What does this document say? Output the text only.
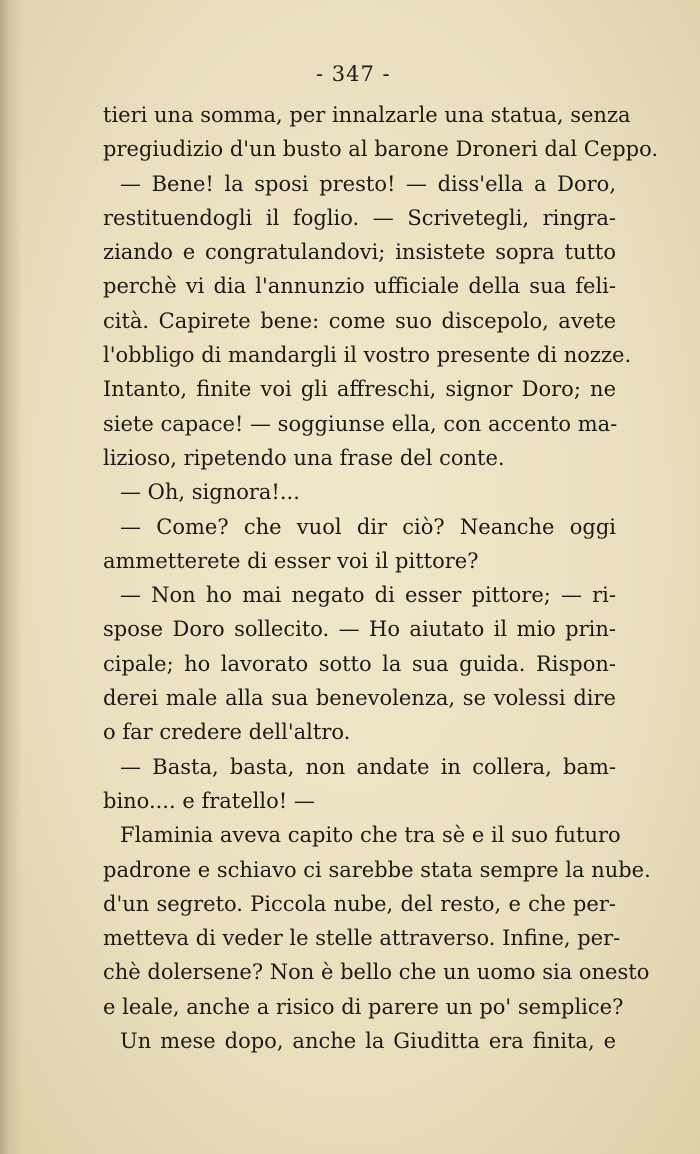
- 347 -
tieri una somma, per innalzarle una statua, senza
pregiudizio d'un busto al barone Droneri dal Ceppo.
— Bene! la sposi presto! — diss'ella a Doro,
restituendogli il foglio. — Scrivetegli, ringra-
ziando e congratulandovi; insistete sopra tutto
perchè vi dia l'annunzio ufficiale della sua feli-
cità. Capirete bene: come suo discepolo, avete
l'obbligo di mandargli il vostro presente di nozze.
Intanto, finite voi gli affreschi, signor Doro; ne
siete capace! — soggiunse ella, con accento ma-
lizioso, ripetendo una frase del conte.
— Oh, signora!...
— Come? che vuol dir ciò? Neanche oggi
ammetterete di esser voi il pittore?
— Non ho mai negato di esser pittore; — ri-
spose Doro sollecito. — Ho aiutato il mio prin-
cipale; ho lavorato sotto la sua guida. Rispon-
derei male alla sua benevolenza, se volessi dire
o far credere dell'altro.
— Basta, basta, non andate in collera, bam-
bino.... e fratello! —
Flaminia aveva capito che tra sè e il suo futuro
padrone e schiavo ci sarebbe stata sempre la nube.
d'un segreto. Piccola nube, del resto, e che per-
metteva di veder le stelle attraverso. Infine, per-
chè dolersene? Non è bello che un uomo sia onesto
e leale, anche a risico di parere un po' semplice?
Un mese dopo, anche la Giuditta era finita, e
